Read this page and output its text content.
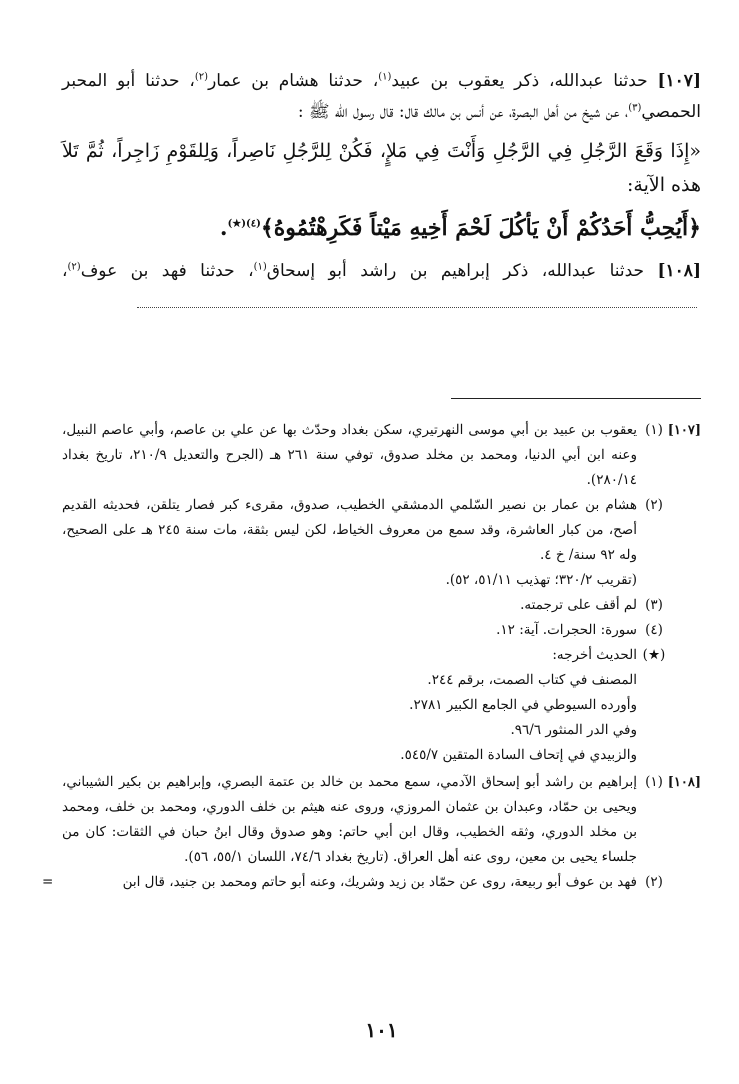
[١٠٧] حدثنا عبدالله، ذكر يعقوب بن عبيد$^{(١)}$، حدثنا هشام بن عمار$^{(٢)}$، حدثنا أبو المحبر الحمصي$^{(٣)}$، عن شيخ من أهل البصرة، عن أنس بن مالك قال: قال رسول الله ﷺ :

«إِذَا وَقَعَ الرَّجُلِ فِي الرَّجُلِ وَأَنْتَ فِي مَلإٍ، فَكُنْ لِلرَّجُلِ نَاصِراً، وَلِلقَوْمِ زَاجِراً، ثُمَّ تَلاَ هذه الآية:

﴿أَيُحِبُّ أَحَدُكُمْ أَنْ يَأكُلَ لَحْمَ أَخِيهِ مَيْتاً فَكَرِهْتُمُوهُ﴾$^{(٤)(★)}$.

[١٠٨] حدثنا عبدالله، ذكر إبراهيم بن راشد أبو إسحاق$^{(١)}$، حدثنا فهد بن عوف$^{(٢)}$،

[١٠٧]
(١)
يعقوب بن عبيد بن أبي موسى النهرتيري، سكن بغداد وحدّث بها عن علي بن عاصم، وأبي عاصم النبيل، وعنه ابن أبي الدنيا، ومحمد بن مخلد صدوق، توفي سنة ٢٦١ هـ (الجرح والتعديل ٢١٠/٩، تاريخ بغداد ٢٨٠/١٤).
(٢)
هشام بن عمار بن نصير السّلمي الدمشقي الخطيب، صدوق، مقرىء كبر فصار يتلقن، فحديثه القديم أصح، من كبار العاشرة، وقد سمع من معروف الخياط، لكن ليس بثقة، مات سنة ٢٤٥ هـ على الصحيح، وله ٩٢ سنة/ خ ٤.
(تقريب ٣٢٠/٢؛ تهذيب ٥١/١١، ٥٢).
(٣)
لم أقف على ترجمته.
(٤)
سورة: الحجرات. آية: ١٢.
(★)
الحديث أخرجه:
المصنف في كتاب الصمت، برقم ٢٤٤.
وأورده السيوطي في الجامع الكبير ٢٧٨١.
وفي الدر المنثور ٩٦/٦.
والزبيدي في إتحاف السادة المتقين ٥٤٥/٧.
[١٠٨]
(١)
إبراهيم بن راشد أبو إسحاق الآدمي، سمع محمد بن خالد بن عتمة البصري، وإبراهيم بن بكير الشيباني، ويحيى بن حمّاد، وعبدان بن عثمان المروزي، وروى عنه هيثم بن خلف الدوري، ومحمد بن خلف، ومحمد بن مخلد الدوري، وثقه الخطيب، وقال ابن أبي حاتم: وهو صدوق وقال ابنُ حبان في الثقات: كان من جلساء يحيى بن معين، روى عنه أهل العراق. (تاريخ بغداد ٧٤/٦، اللسان ٥٥/١، ٥٦).
(٢)
فهد بن عوف أبو ربيعة، روى عن حمّاد بن زيد وشريك، وعنه أبو حاتم ومحمد بن جنيد، قال ابن
=
١٠١
